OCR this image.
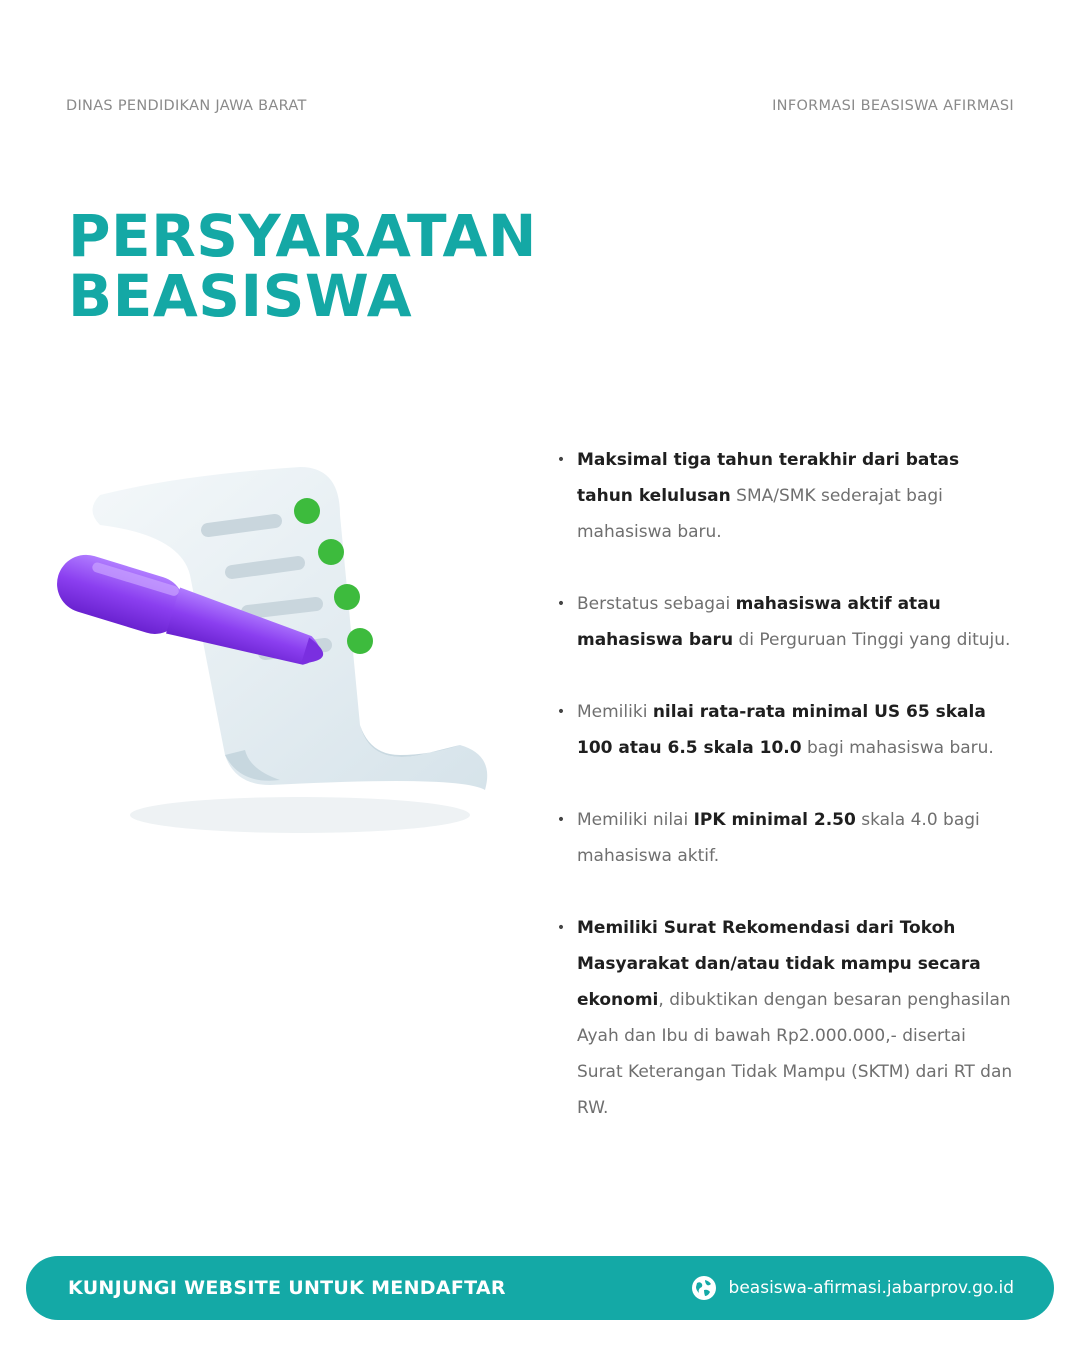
DINAS PENDIDIKAN JAWA BARAT	INFORMASI BEASISWA AFIRMASI
PERSYARATAN
BEASISWA
• Maksimal tiga tahun terakhir dari batas tahun kelulusan SMA/SMK sederajat bagi mahasiswa baru.
• Berstatus sebagai mahasiswa aktif atau mahasiswa baru di Perguruan Tinggi yang dituju.
• Memiliki nilai rata-rata minimal US 65 skala 100 atau 6.5 skala 10.0 bagi mahasiswa baru.
• Memiliki nilai IPK minimal 2.50 skala 4.0 bagi mahasiswa aktif.
• Memiliki Surat Rekomendasi dari Tokoh Masyarakat dan/atau tidak mampu secara ekonomi, dibuktikan dengan besaran penghasilan Ayah dan Ibu di bawah Rp2.000.000,- disertai Surat Keterangan Tidak Mampu (SKTM) dari RT dan RW.
KUNJUNGI WEBSITE UNTUK MENDAFTAR	beasiswa-afirmasi.jabarprov.go.id
